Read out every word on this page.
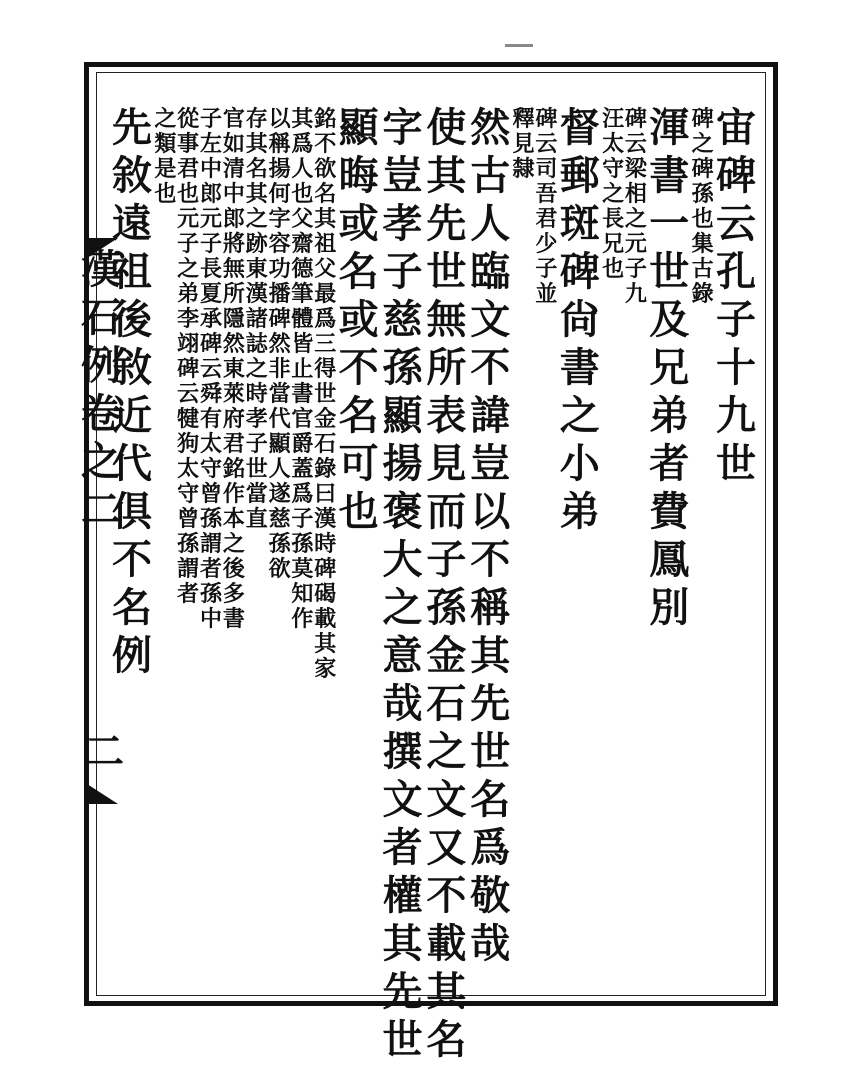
漢
石
例
卷
之
二
二
宙
碑
云
孔
子
十
九
世
碑
之
碑
孫
也
集
古
錄
渾
書
一
世
及
兄
弟
者
費
鳳
別
碑
云
梁
相
之
元
子
九
汪
太
守
之
長
兄
也
督
郵
斑
碑
尙
書
之
小
弟
碑
云
司
吾
君
少
子
並
釋
見
隸
然
古
人
臨
文
不
諱
豈
以
不
稱
其
先
世
名
爲
敬
哉
使
其
先
世
無
所
表
見
而
子
孫
金
石
之
文
又
不
載
其
名
字
豈
孝
子
慈
孫
顯
揚
褒
大
之
意
哉
撰
文
者
權
其
先
世
顯
晦
或
名
或
不
名
可
也
銘
不
欲
名
其
祖
父
最
爲
三
得
世
金
石
錄
曰
漢
時
碑
碣
載
其
家
其
爲
人
也
父
齋
德
筆
體
皆
止
書
官
爵
蓋
爲
子
孫
莫
知
作
以
稱
揚
何
字
容
功
播
碑
然
非
當
代
顯
人
遂
慈
孫
欲
存
其
名
其
之
跡
東
漢
諸
誌
之
時
孝
子
世
當
直
官
如
清
中
郎
將
無
所
隱
然
東
萊
府
君
銘
作
本
之
後
多
書
子
左
中
郎
元
子
長
夏
承
碑
云
舜
有
太
守
曾
孫
謂
者
孫
中
從
事
君
也
元
子
之
弟
李
翊
碑
云
犍
狗
太
守
曾
孫
謂
者
之
類
是
也
先
敘
遠
祖
後
敘
近
代
俱
不
名
例
